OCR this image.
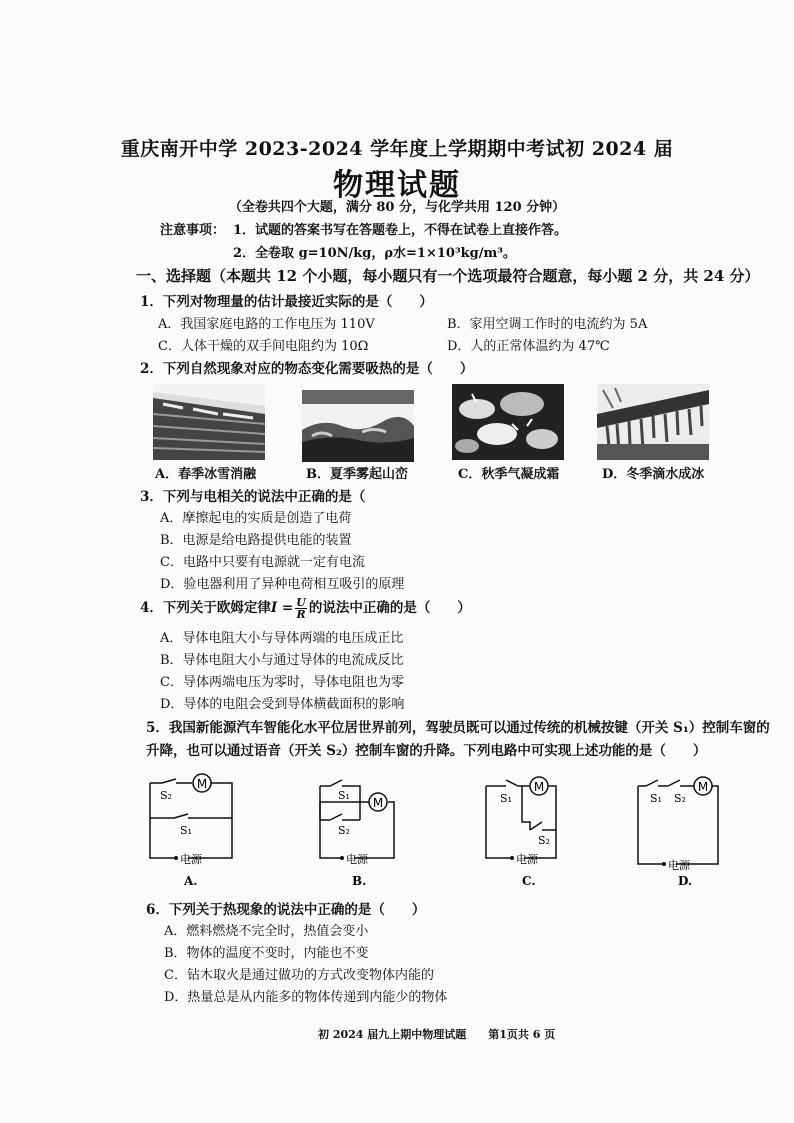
重庆南开中学 2023-2024 学年度上学期期中考试初 2024 届
物理试题
（全卷共四个大题，满分 80 分，与化学共用 120 分钟）
注意事项： 1．试题的答案书写在答题卷上，不得在试卷上直接作答。
2．全卷取 g=10N/kg，ρ水=1×10³kg/m³。
一、选择题（本题共 12 个小题，每小题只有一个选项最符合题意，每小题 2 分，共 24 分）
1．下列对物理量的估计最接近实际的是（　　）
A．我国家庭电路的工作电压为 110V	B．家用空调工作时的电流约为 5A
C．人体干燥的双手间电阻约为 10Ω	D．人的正常体温约为 47℃
2．下列自然现象对应的物态变化需要吸热的是（　　）
A．春季冰雪消融	B．夏季雾起山峦	C．秋季气凝成霜	D．冬季滴水成冰
3．下列与电相关的说法中正确的是（
A．摩擦起电的实质是创造了电荷
B．电源是给电路提供电能的装置
C．电路中只要有电源就一定有电流
D．验电器利用了异种电荷相互吸引的原理
4．下列关于欧姆定律$I = \frac{U}{R}$ 的说法中正确的是（　　）
A．导体电阻大小与导体两端的电压成正比
B．导体电阻大小与通过导体的电流成反比
C．导体两端电压为零时，导体电阻也为零
D．导体的电阻会受到导体横截面积的影响
5．我国新能源汽车智能化水平位居世界前列，驾驶员既可以通过传统的机械按键（开关 S₁）控制车窗的
升降，也可以通过语音（开关 S₂）控制车窗的升降。下列电路中可实现上述功能的是（　　）
M
S₂
S₁
电源
A.
M
S₁
S₂
电源
B.
M
S₁
S₂
电源
C.
M
S₁ S₂
电源
D.
6．下列关于热现象的说法中正确的是（　　）
A．燃料燃烧不完全时，热值会变小
B．物体的温度不变时，内能也不变
C．钻木取火是通过做功的方式改变物体内能的
D．热量总是从内能多的物体传递到内能少的物体
初 2024 届九上期中物理试题　　第1页共 6 页
